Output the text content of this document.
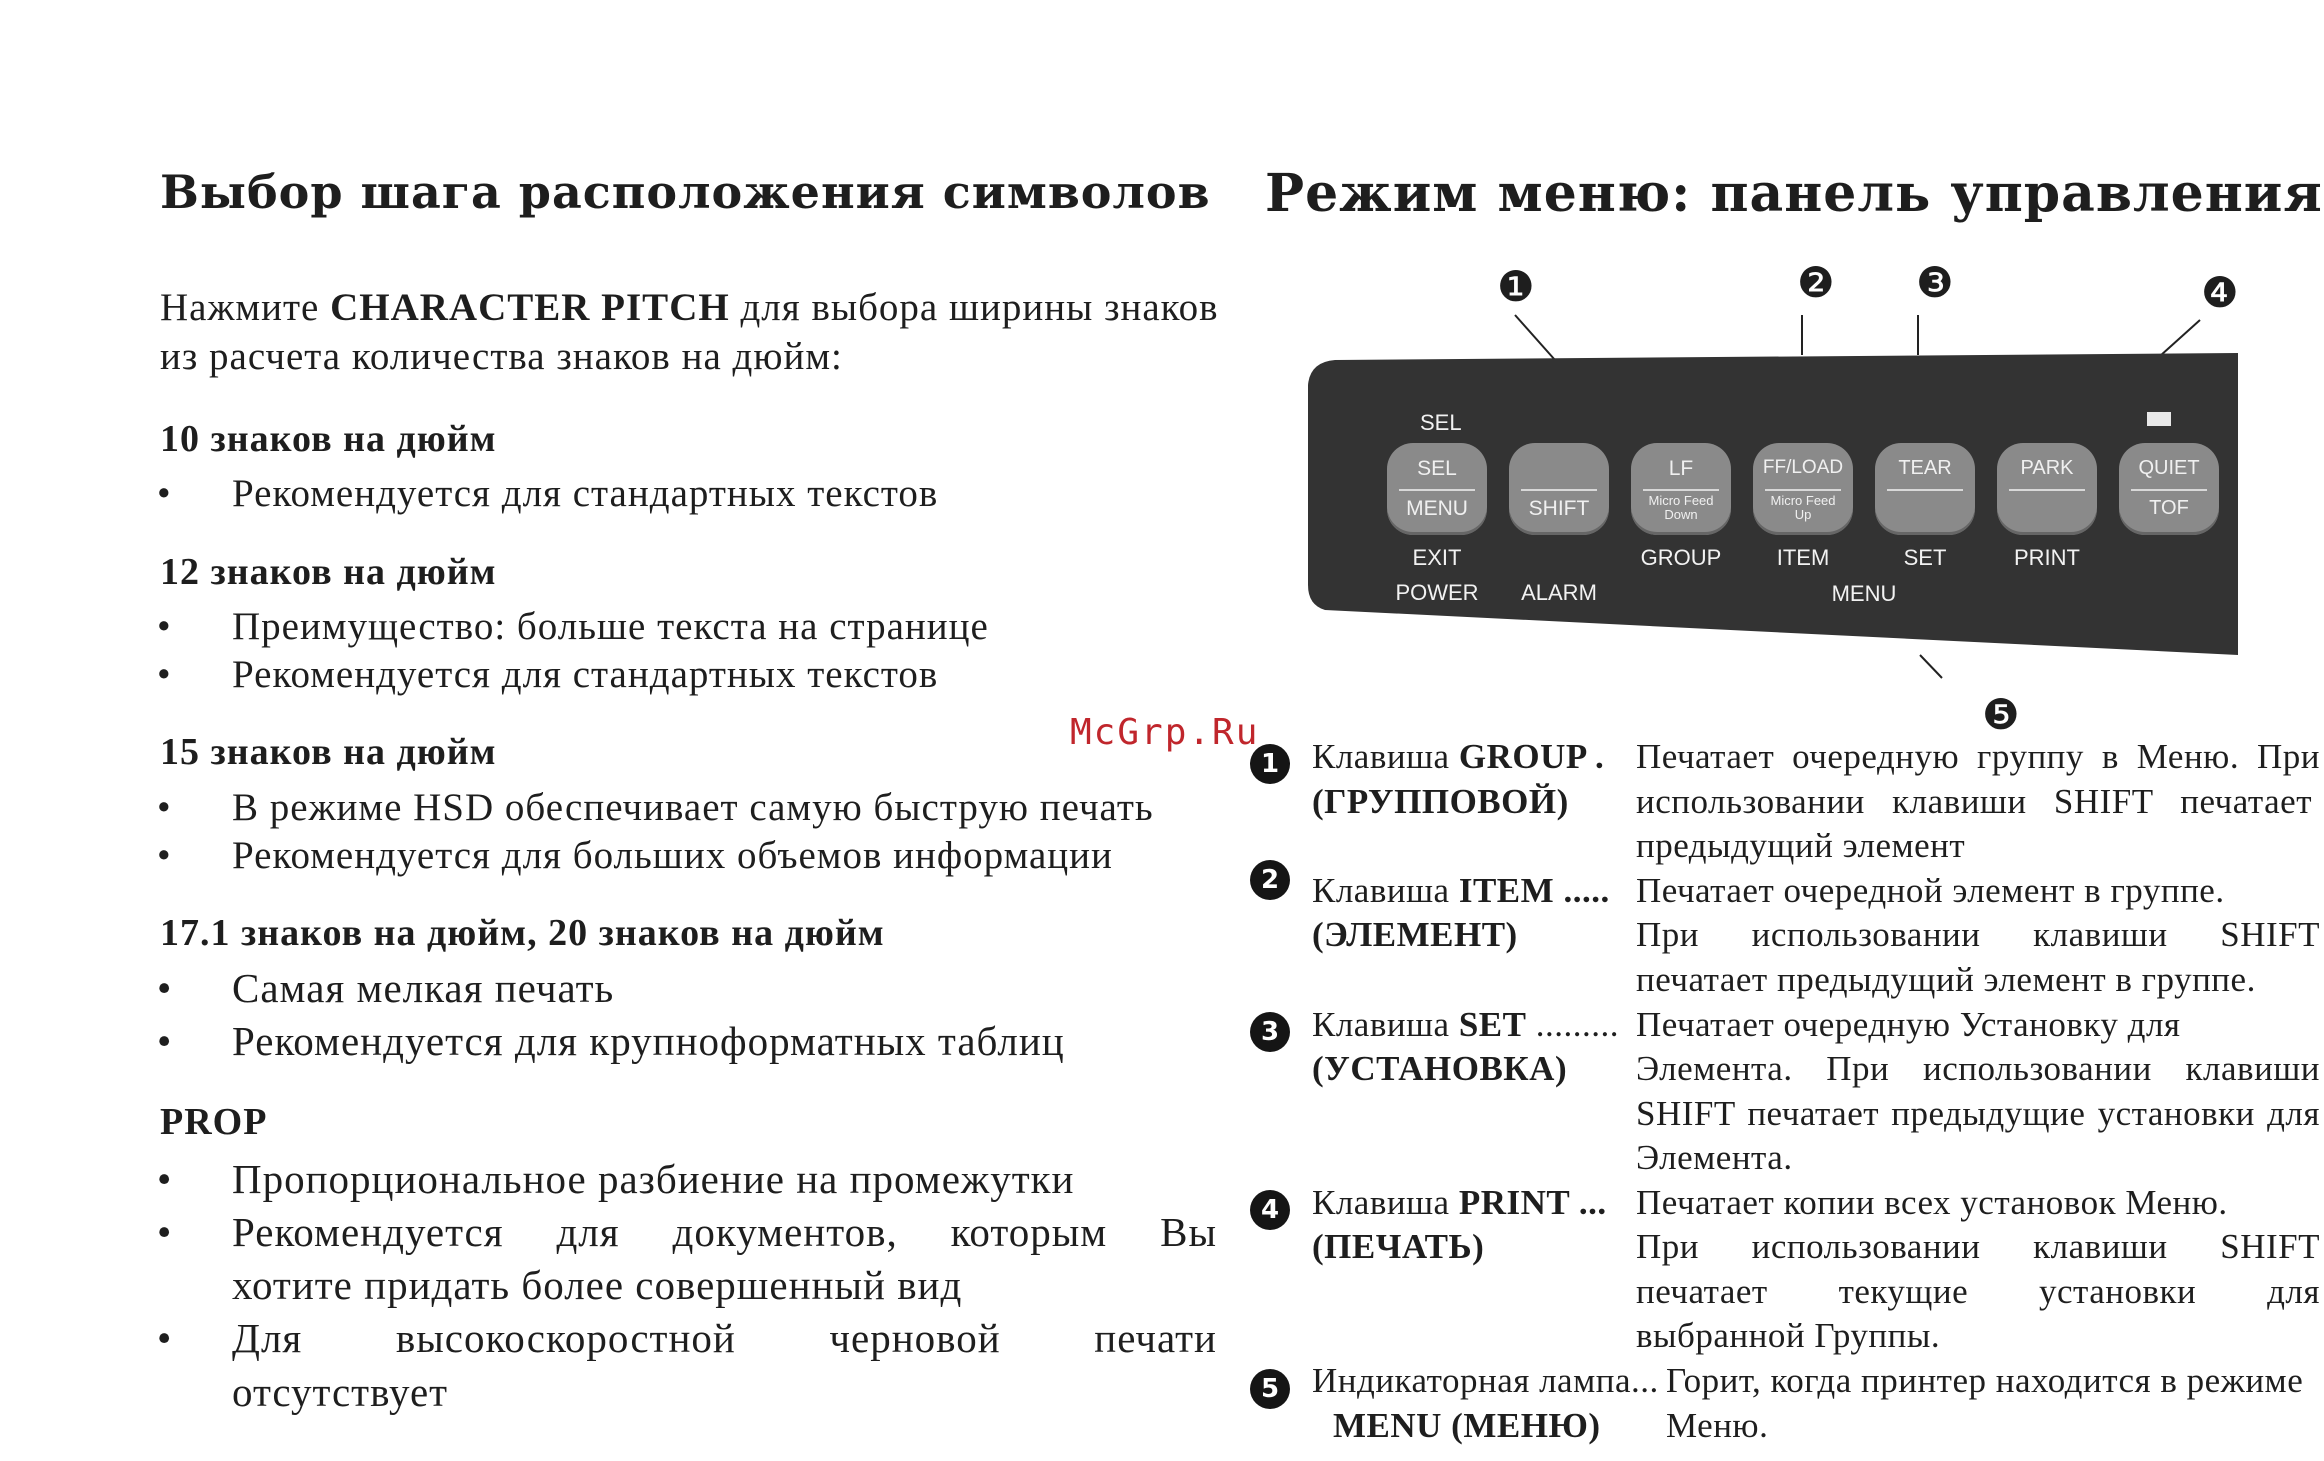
Выбор шага расположения символов
Нажмите CHARACTER PITCH для выбора ширины знаков
из расчета количества знаков на дюйм:
10 знаков на дюйм
• Рекомендуется для стандартных текстов
12 знаков на дюйм
• Преимущество: больше текста на странице
• Рекомендуется для стандартных текстов
15 знаков на дюйм
• В режиме HSD обеспечивает самую быструю печать
• Рекомендуется для больших объемов информации
17.1 знаков на дюйм, 20 знаков на дюйм
• Самая мелкая печать
• Рекомендуется для крупноформатных таблиц
PROP
• Пропорциональное разбиение на промежутки
• Рекомендуется для документов, которым Вы
хотите придать более совершенный вид
• Для высокоскоростной черновой печати
отсутствует
McGrp.Ru
Режим меню: панель управления
❶	❷ ❸	❹
❺
SEL
SEL
MENU	SHIFT
LF
Micro Feed
Down
FF/LOAD
Micro Feed
Up
TEAR	PARK	QUIET
TOF
EXIT	GROUP	ITEM	SET	PRINT
POWER	ALARM	MENU
1 Клавиша GROUP .
(ГРУППОВОЙ)
Печатает очередную группу в Меню. При
использовании клавиши SHIFT печатает
предыдущий элемент
2 Клавиша ITEM .....
(ЭЛЕМЕНТ)
Печатает очередной элемент в группе.
При использовании клавиши SHIFT
печатает предыдущий элемент в группе.
3 Клавиша SET .........
(УСТАНОВКА)
Печатает очередную Установку для
Элемента. При использовании клавиши
SHIFT печатает предыдущие установки для
Элемента.
4 Клавиша PRINT ...
(ПЕЧАТЬ)
Печатает копии всех установок Меню.
При использовании клавиши SHIFT
печатает текущие установки для
выбранной Группы.
5 Индикаторная лампа...
MENU (МЕНЮ)
Горит, когда принтер находится в режиме
Меню.
